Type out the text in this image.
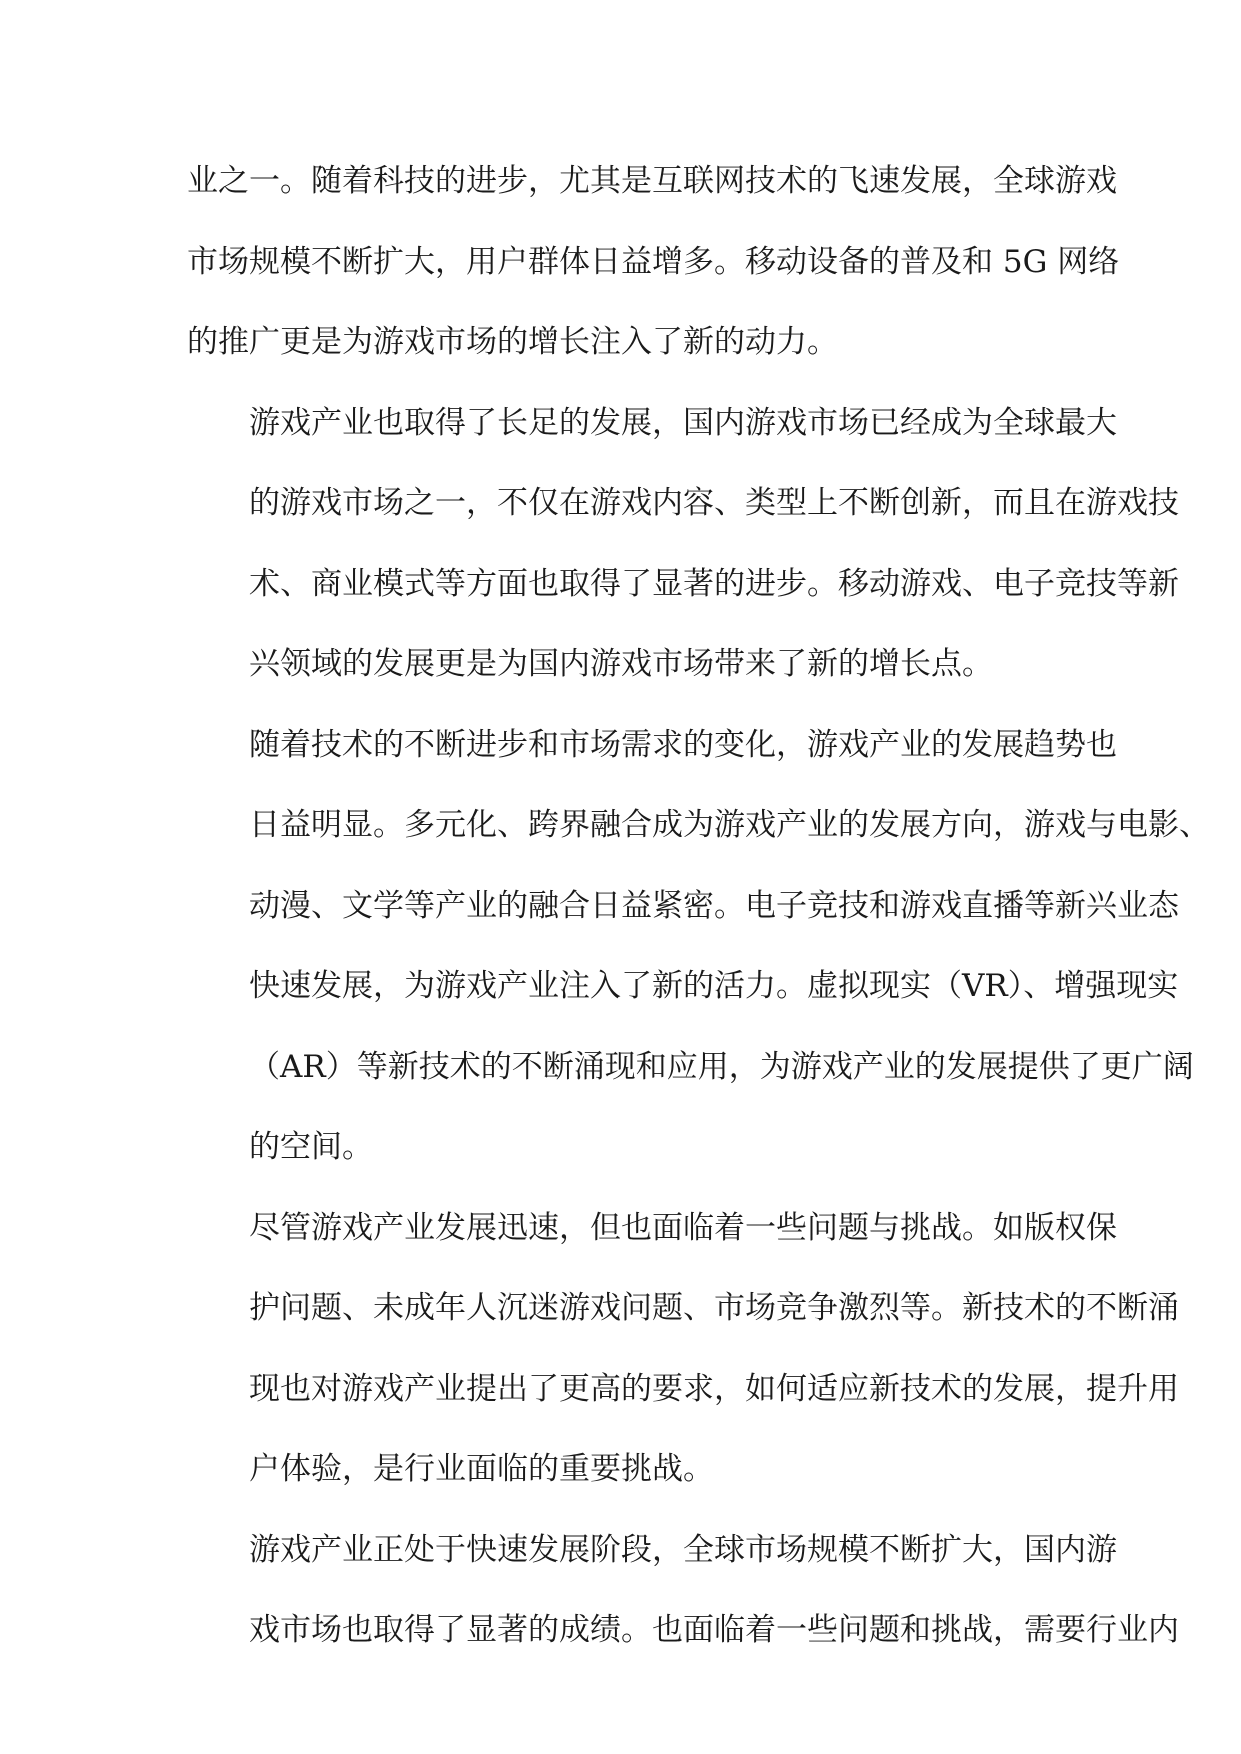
业之一。随着科技的进步，尤其是互联网技术的飞速发展，全球游戏
市场规模不断扩大，用户群体日益增多。移动设备的普及和 5G 网络
的推广更是为游戏市场的增长注入了新的动力。

游戏产业也取得了长足的发展，国内游戏市场已经成为全球最大
的游戏市场之一，不仅在游戏内容、类型上不断创新，而且在游戏技
术、商业模式等方面也取得了显著的进步。移动游戏、电子竞技等新
兴领域的发展更是为国内游戏市场带来了新的增长点。

随着技术的不断进步和市场需求的变化，游戏产业的发展趋势也
日益明显。多元化、跨界融合成为游戏产业的发展方向，游戏与电影、
动漫、文学等产业的融合日益紧密。电子竞技和游戏直播等新兴业态
快速发展，为游戏产业注入了新的活力。虚拟现实（VR）、增强现实
（AR）等新技术的不断涌现和应用，为游戏产业的发展提供了更广阔
的空间。

尽管游戏产业发展迅速，但也面临着一些问题与挑战。如版权保
护问题、未成年人沉迷游戏问题、市场竞争激烈等。新技术的不断涌
现也对游戏产业提出了更高的要求，如何适应新技术的发展，提升用
户体验，是行业面临的重要挑战。

游戏产业正处于快速发展阶段，全球市场规模不断扩大，国内游
戏市场也取得了显著的成绩。也面临着一些问题和挑战，需要行业内
